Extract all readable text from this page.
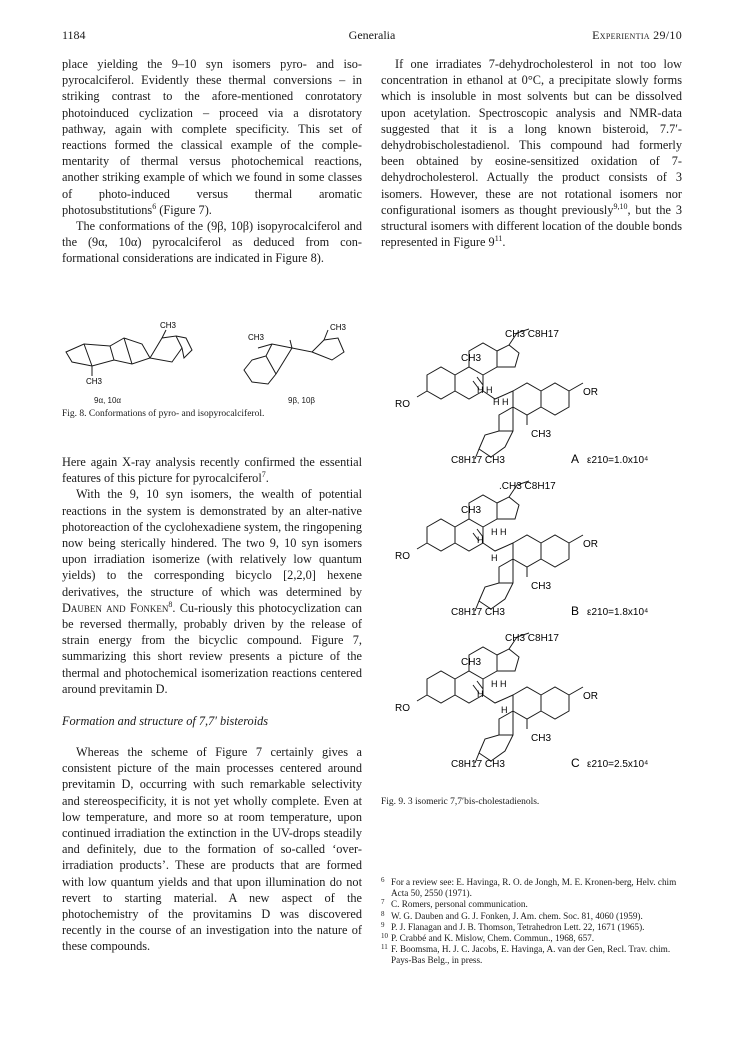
1184	Generalia	Experientia 29/10

place yielding the 9–10 syn isomers pyro- and iso-pyrocalciferol. Evidently these thermal conversions – in striking contrast to the afore-mentioned conrotatory photoinduced cyclization – proceed via a disrotatory pathway, again with complete specificity. This set of reactions formed the classical example of the comple-mentarity of thermal versus photochemical reactions, another striking example of which we found in some classes of photo-induced versus thermal aromatic photosubstitutions$^6$ (Figure 7).

The conformations of the (9β, 10β) isopyrocalciferol and the (9α, 10α) pyrocalciferol as deduced from con-formational considerations are indicated in Figure 8).

CH3
CH3
CH3
CH3
9α, 10α	9β, 10β
Fig. 8. Conformations of pyro- and isopyrocalciferol.

Here again X-ray analysis recently confirmed the essential features of this picture for pyrocalciferol$^7$.

With the 9, 10 syn isomers, the wealth of potential reactions in the system is demonstrated by an alter-native photoreaction of the cyclohexadiene system, the ringopening now being sterically hindered. The two 9, 10 syn isomers upon irradiation isomerize (with relatively low quantum yields) to the corresponding bicyclo [2,2,0] hexene derivatives, the structure of which was determined by Dauben and Fonken$^8$. Cu-riously this photocyclization can be reversed thermally, probably driven by the release of strain energy from the bicyclic compound. Figure 7, summarizing this short review presents a picture of the thermal and photochemical isomerization reactions centered around previtamin D.

Formation and structure of 7,7′ bisteroids

Whereas the scheme of Figure 7 certainly gives a consistent picture of the main processes centered around previtamin D, occurring with such remarkable selectivity and stereospecificity, it is not yet wholly complete. Even at low temperature, and more so at room temperature, upon continued irradiation the extinction in the UV-drops steadily and definitely, due to the formation of so-called ‘over-irradiation products’. These are products that are formed with low quantum yields and that upon illumination do not revert to starting material. A new aspect of the photochemistry of the provitamins D was discovered recently in the course of an investigation into the nature of these compounds.

If one irradiates 7-dehydrocholesterol in not too low concentration in ethanol at 0°C, a precipitate slowly forms which is insoluble in most solvents but can be dissolved upon acetylation. Spectroscopic analysis and NMR-data suggested that it is a long known bisteroid, 7.7′-dehydrobischolestadienol. This compound had formerly been obtained by eosine-sensitized oxidation of 7-dehydrocholesterol. Actually the product consists of 3 isomers. However, these are not rotational isomers nor configurational isomers as thought previously$^{9,10}$, but the 3 structural isomers with different location of the double bonds represented in Figure $9^{11}$.

CH3 C8H17
CH3
RO
OR
CH3
C8H17 CH3
H H
H H
A ε210=1.0x10⁴
.CH3 C8H17
CH3
RO
OR
CH3
C8H17 CH3
H
H H
H
B ε210=1.8x10⁴
CH3 C8H17
CH3
RO
OR
CH3
C8H17 CH3
H
H H
H
C ε210=2.5x10⁴
Fig. 9. 3 isomeric 7,7′bis-cholestadienols.

6 For a review see: E. Havinga, R. O. de Jongh, M. E. Kronen-berg, Helv. chim Acta 50, 2550 (1971).

7 C. Romers, personal communication.

8 W. G. Dauben and G. J. Fonken, J. Am. chem. Soc. 81, 4060 (1959).

9 P. J. Flanagan and J. B. Thomson, Tetrahedron Lett. 22, 1671 (1965).

10 P. Crabbé and K. Mislow, Chem. Commun., 1968, 657.

11 F. Boomsma, H. J. C. Jacobs, E. Havinga, A. van der Gen, Recl. Trav. chim. Pays-Bas Belg., in press.
